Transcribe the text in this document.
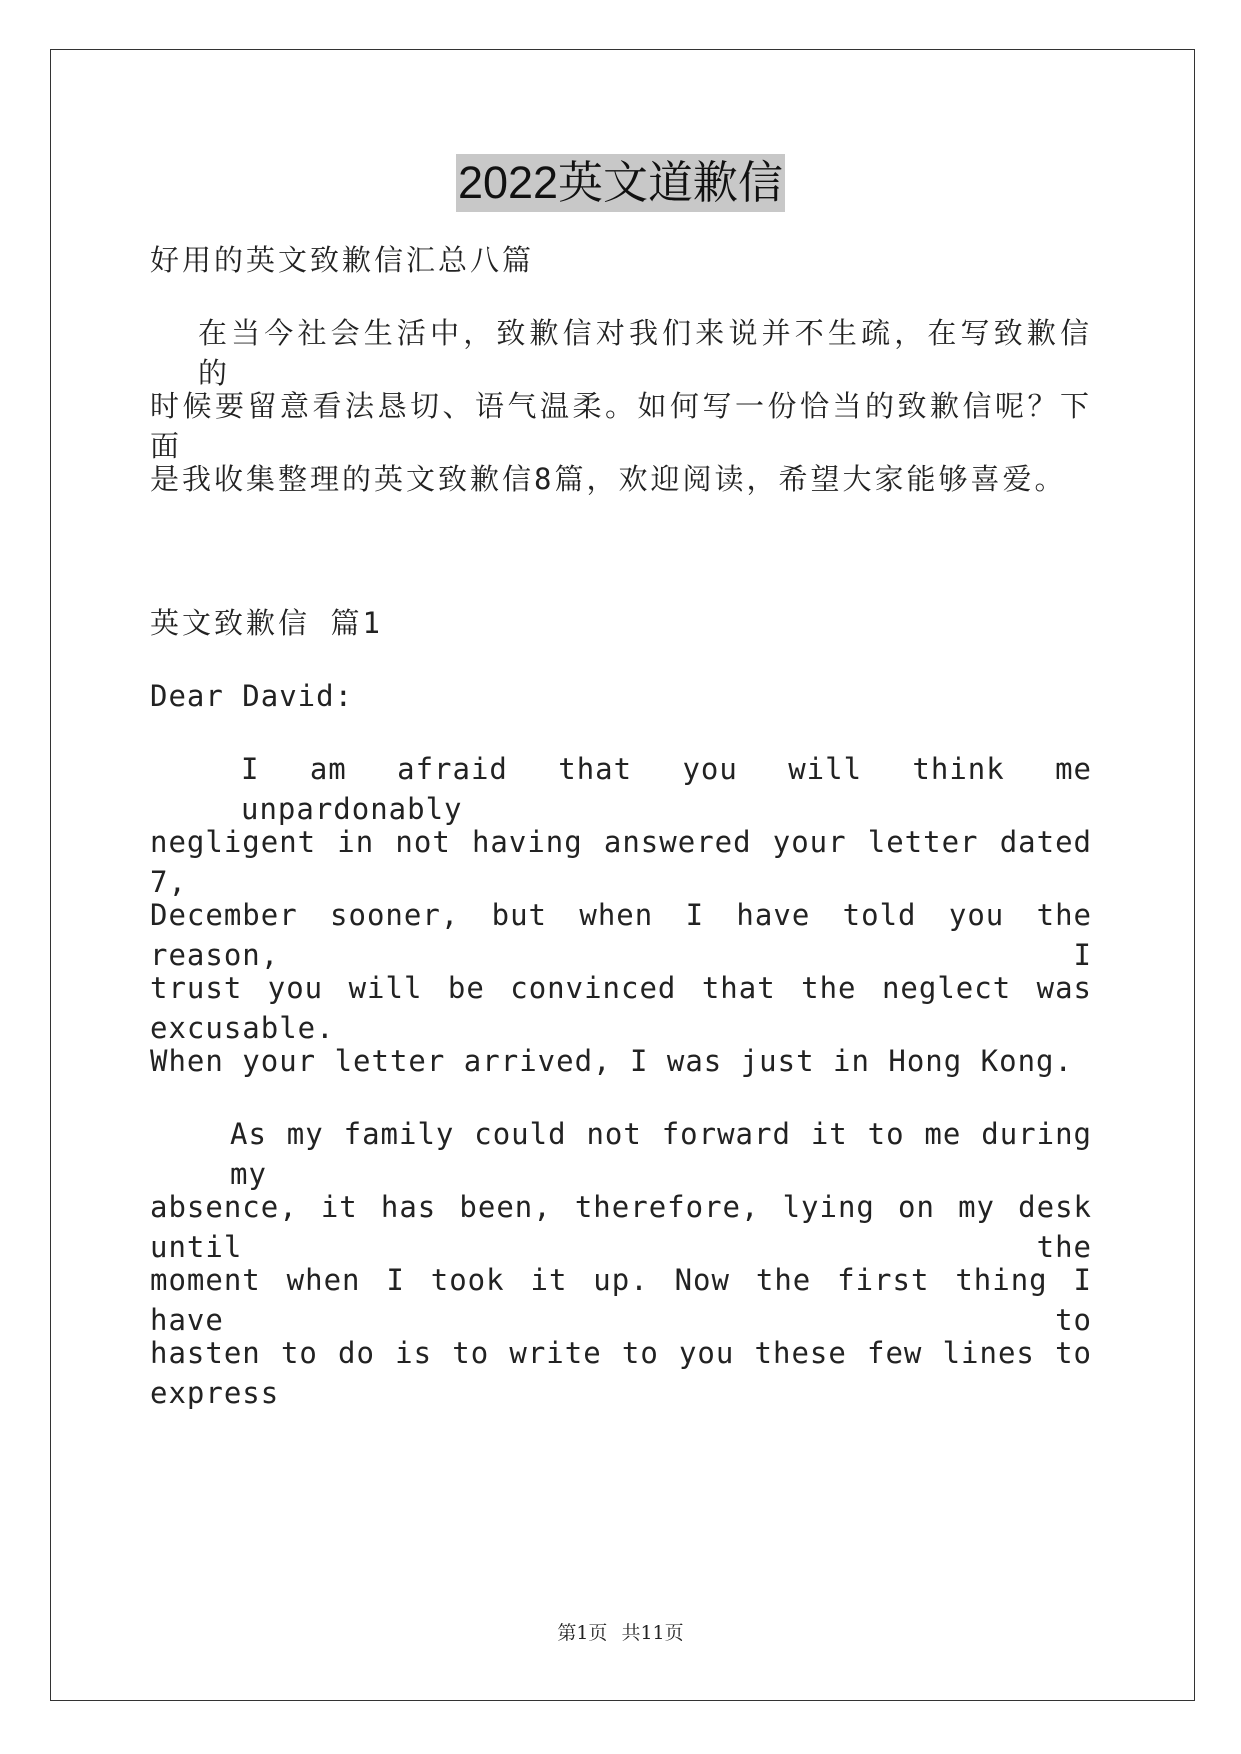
2022英文道歉信
好用的英文致歉信汇总八篇
在当今社会生活中，致歉信对我们来说并不生疏，在写致歉信的
时候要留意看法恳切、语气温柔。如何写一份恰当的致歉信呢？下面
是我收集整理的英文致歉信8篇，欢迎阅读，希望大家能够喜爱。
英文致歉信 篇1
Dear David:
I am afraid that you will think me unpardonably
negligent in not having answered your letter dated 7,
December sooner, but when I have told you the reason, I
trust you will be convinced that the neglect was excusable.
When your letter arrived, I was just in Hong Kong.
As my family could not forward it to me during my
absence, it has been, therefore, lying on my desk until the
moment when I took it up. Now the first thing I have to
hasten to do is to write to you these few lines to express
第1页 共11页
